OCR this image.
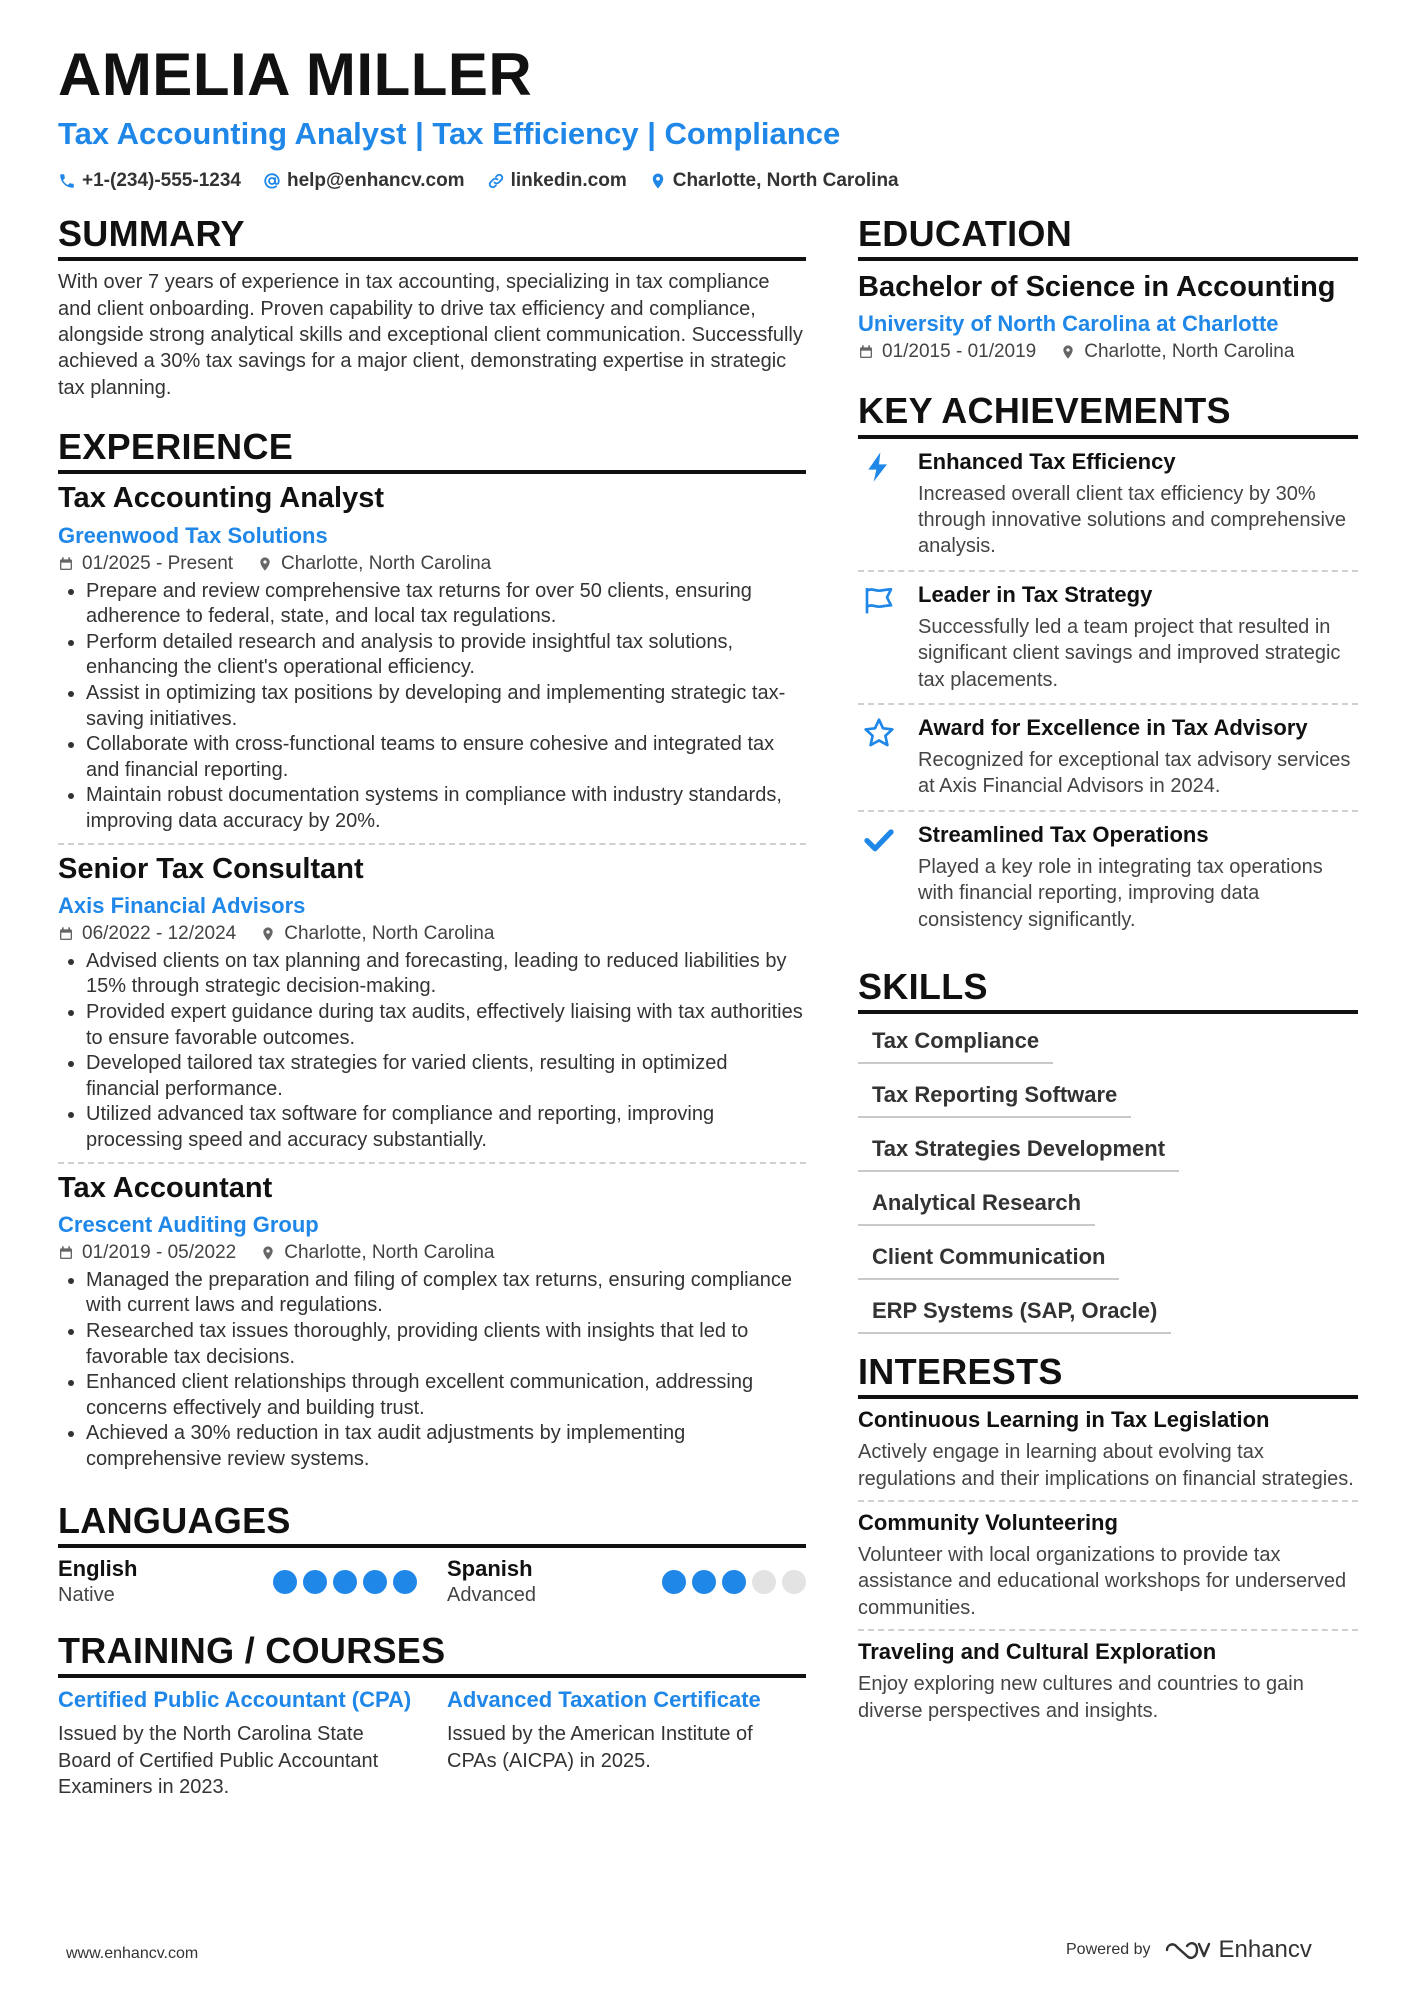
AMELIA MILLER
Tax Accounting Analyst | Tax Efficiency | Compliance
+1-(234)-555-1234 help@enhancv.com linkedin.com Charlotte, North Carolina
SUMMARY

With over 7 years of experience in tax accounting, specializing in tax compliance and client onboarding. Proven capability to drive tax efficiency and compliance, alongside strong analytical skills and exceptional client communication. Successfully achieved a 30% tax savings for a major client, demonstrating expertise in strategic tax planning.

EXPERIENCE
Tax Accounting Analyst
Greenwood Tax Solutions
01/2025 - Present	Charlotte, North Carolina
• Prepare and review comprehensive tax returns for over 50 clients, ensuring adherence to federal, state, and local tax regulations.
• Perform detailed research and analysis to provide insightful tax solutions, enhancing the client's operational efficiency.
• Assist in optimizing tax positions by developing and implementing strategic tax-saving initiatives.
• Collaborate with cross-functional teams to ensure cohesive and integrated tax and financial reporting.
• Maintain robust documentation systems in compliance with industry standards, improving data accuracy by 20%.
Senior Tax Consultant
Axis Financial Advisors
06/2022 - 12/2024	Charlotte, North Carolina
• Advised clients on tax planning and forecasting, leading to reduced liabilities by 15% through strategic decision-making.
• Provided expert guidance during tax audits, effectively liaising with tax authorities to ensure favorable outcomes.
• Developed tailored tax strategies for varied clients, resulting in optimized financial performance.
• Utilized advanced tax software for compliance and reporting, improving processing speed and accuracy substantially.
Tax Accountant
Crescent Auditing Group
01/2019 - 05/2022	Charlotte, North Carolina
• Managed the preparation and filing of complex tax returns, ensuring compliance with current laws and regulations.
• Researched tax issues thoroughly, providing clients with insights that led to favorable tax decisions.
• Enhanced client relationships through excellent communication, addressing concerns effectively and building trust.
• Achieved a 30% reduction in tax audit adjustments by implementing comprehensive review systems.
LANGUAGES
English
Native
Spanish
Advanced
TRAINING / COURSES
Certified Public Accountant (CPA)
Issued by the North Carolina State Board of Certified Public Accountant Examiners in 2023.
Advanced Taxation Certificate
Issued by the American Institute of CPAs (AICPA) in 2025.
EDUCATION
Bachelor of Science in Accounting
University of North Carolina at Charlotte
01/2015 - 01/2019	Charlotte, North Carolina
KEY ACHIEVEMENTS
Enhanced Tax Efficiency
Increased overall client tax efficiency by 30% through innovative solutions and comprehensive analysis.
Leader in Tax Strategy
Successfully led a team project that resulted in significant client savings and improved strategic tax placements.
Award for Excellence in Tax Advisory
Recognized for exceptional tax advisory services at Axis Financial Advisors in 2024.
Streamlined Tax Operations
Played a key role in integrating tax operations with financial reporting, improving data consistency significantly.
SKILLS
Tax Compliance
Tax Reporting Software
Tax Strategies Development
Analytical Research
Client Communication
ERP Systems (SAP, Oracle)
INTERESTS
Continuous Learning in Tax Legislation
Actively engage in learning about evolving tax regulations and their implications on financial strategies.
Community Volunteering
Volunteer with local organizations to provide tax assistance and educational workshops for underserved communities.
Traveling and Cultural Exploration
Enjoy exploring new cultures and countries to gain diverse perspectives and insights.
www.enhancv.com	Powered by	Enhancv
